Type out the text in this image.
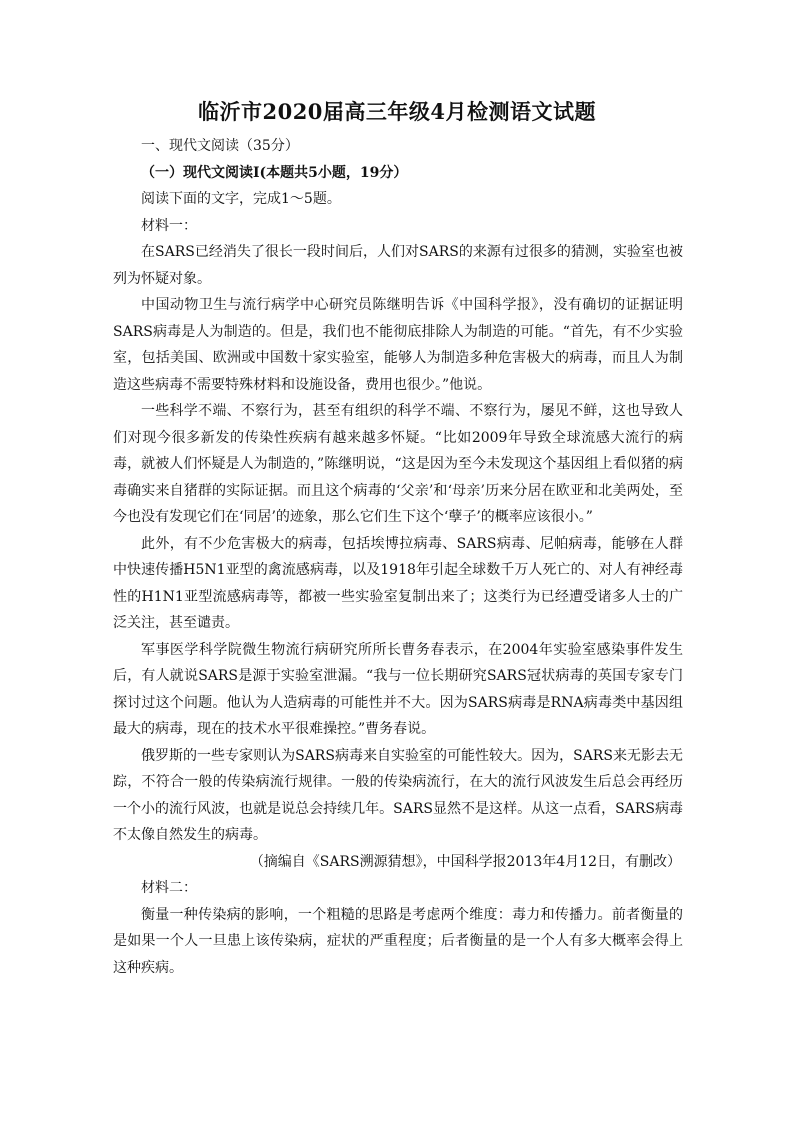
临沂市2020届高三年级4月检测语文试题

一、现代文阅读（35分）

（一）现代文阅读Ⅰ(本题共5小题，19分）

阅读下面的文字，完成1～5题。

材料一：

在SARS已经消失了很长一段时间后，人们对SARS的来源有过很多的猜测，实验室也被列为怀疑对象。

中国动物卫生与流行病学中心研究员陈继明告诉《中国科学报》，没有确切的证据证明SARS病毒是人为制造的。但是，我们也不能彻底排除人为制造的可能。“首先，有不少实验室，包括美国、欧洲或中国数十家实验室，能够人为制造多种危害极大的病毒，而且人为制造这些病毒不需要特殊材料和设施设备，费用也很少。”他说。

一些科学不端、不察行为，甚至有组织的科学不端、不察行为，屡见不鲜，这也导致人们对现今很多新发的传染性疾病有越来越多怀疑。“比如2009年导致全球流感大流行的病毒，就被人们怀疑是人为制造的，”陈继明说，“这是因为至今未发现这个基因组上看似猪的病毒确实来自猪群的实际证据。而且这个病毒的‘父亲’和‘母亲’历来分居在欧亚和北美两处，至今也没有发现它们在‘同居’的迹象，那么它们生下这个‘孽子’的概率应该很小。”

此外，有不少危害极大的病毒，包括埃博拉病毒、SARS病毒、尼帕病毒，能够在人群中快速传播H5N1亚型的禽流感病毒，以及1918年引起全球数千万人死亡的、对人有神经毒性的H1N1亚型流感病毒等，都被一些实验室复制出来了；这类行为已经遭受诸多人士的广泛关注，甚至谴责。

军事医学科学院微生物流行病研究所所长曹务春表示，在2004年实验室感染事件发生后，有人就说SARS是源于实验室泄漏。“我与一位长期研究SARS冠状病毒的英国专家专门探讨过这个问题。他认为人造病毒的可能性并不大。因为SARS病毒是RNA病毒类中基因组最大的病毒，现在的技术水平很难操控。”曹务春说。

俄罗斯的一些专家则认为SARS病毒来自实验室的可能性较大。因为，SARS来无影去无踪，不符合一般的传染病流行规律。一般的传染病流行，在大的流行风波发生后总会再经历一个小的流行风波，也就是说总会持续几年。SARS显然不是这样。从这一点看，SARS病毒不太像自然发生的病毒。

（摘编自《SARS溯源猜想》，中国科学报2013年4月12日，有删改）

材料二：

衡量一种传染病的影响，一个粗糙的思路是考虑两个维度：毒力和传播力。前者衡量的是如果一个人一旦患上该传染病，症状的严重程度；后者衡量的是一个人有多大概率会得上这种疾病。
